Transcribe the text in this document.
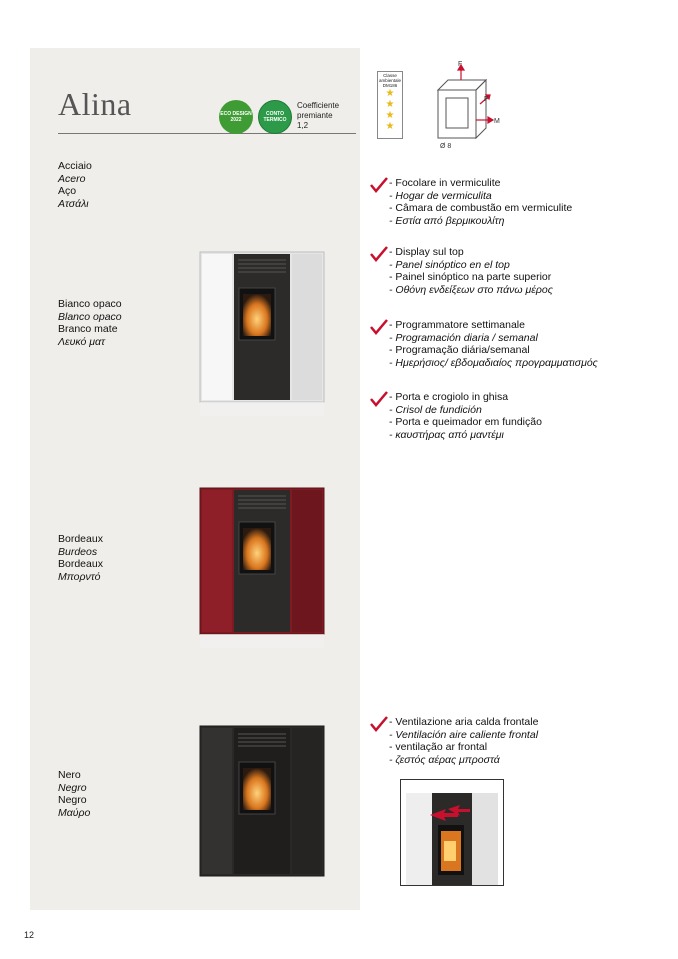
Alina	ECO DESIGN 2022
CONTO TERMICO
Coefficiente
premiante
1,2
Classe ambientale DM186
★
★
★
★
F
F
M
Ø 8
Acciaio
Acero
Aço
Ατσάλι
Bianco opaco
Blanco opaco
Branco mate
Λευκό ματ
Bordeaux
Burdeos
Bordeaux
Μπορντό
Nero
Negro
Negro
Μαύρο
- Focolare in vermiculite
- Hogar de vermiculita
- Câmara de combustão em vermiculite
- Εστία από βερμικουλίτη
- Display sul top
- Panel sinóptico en el top
- Painel sinóptico na parte superior
- Οθόνη ενδείξεων στο πάνω μέρος
- Programmatore settimanale
- Programación diaria / semanal
- Programação diária/semanal
- Ημερήσιος/ εβδομαδιαίος προγραμματισμός
- Porta e crogiolo in ghisa
- Crisol de fundición
- Porta e queimador em fundição
- καυστήρας από μαντέμι
- Ventilazione aria calda frontale
- Ventilación aire caliente frontal
- ventilação ar frontal
- ζεστός αέρας μπροστά
12
